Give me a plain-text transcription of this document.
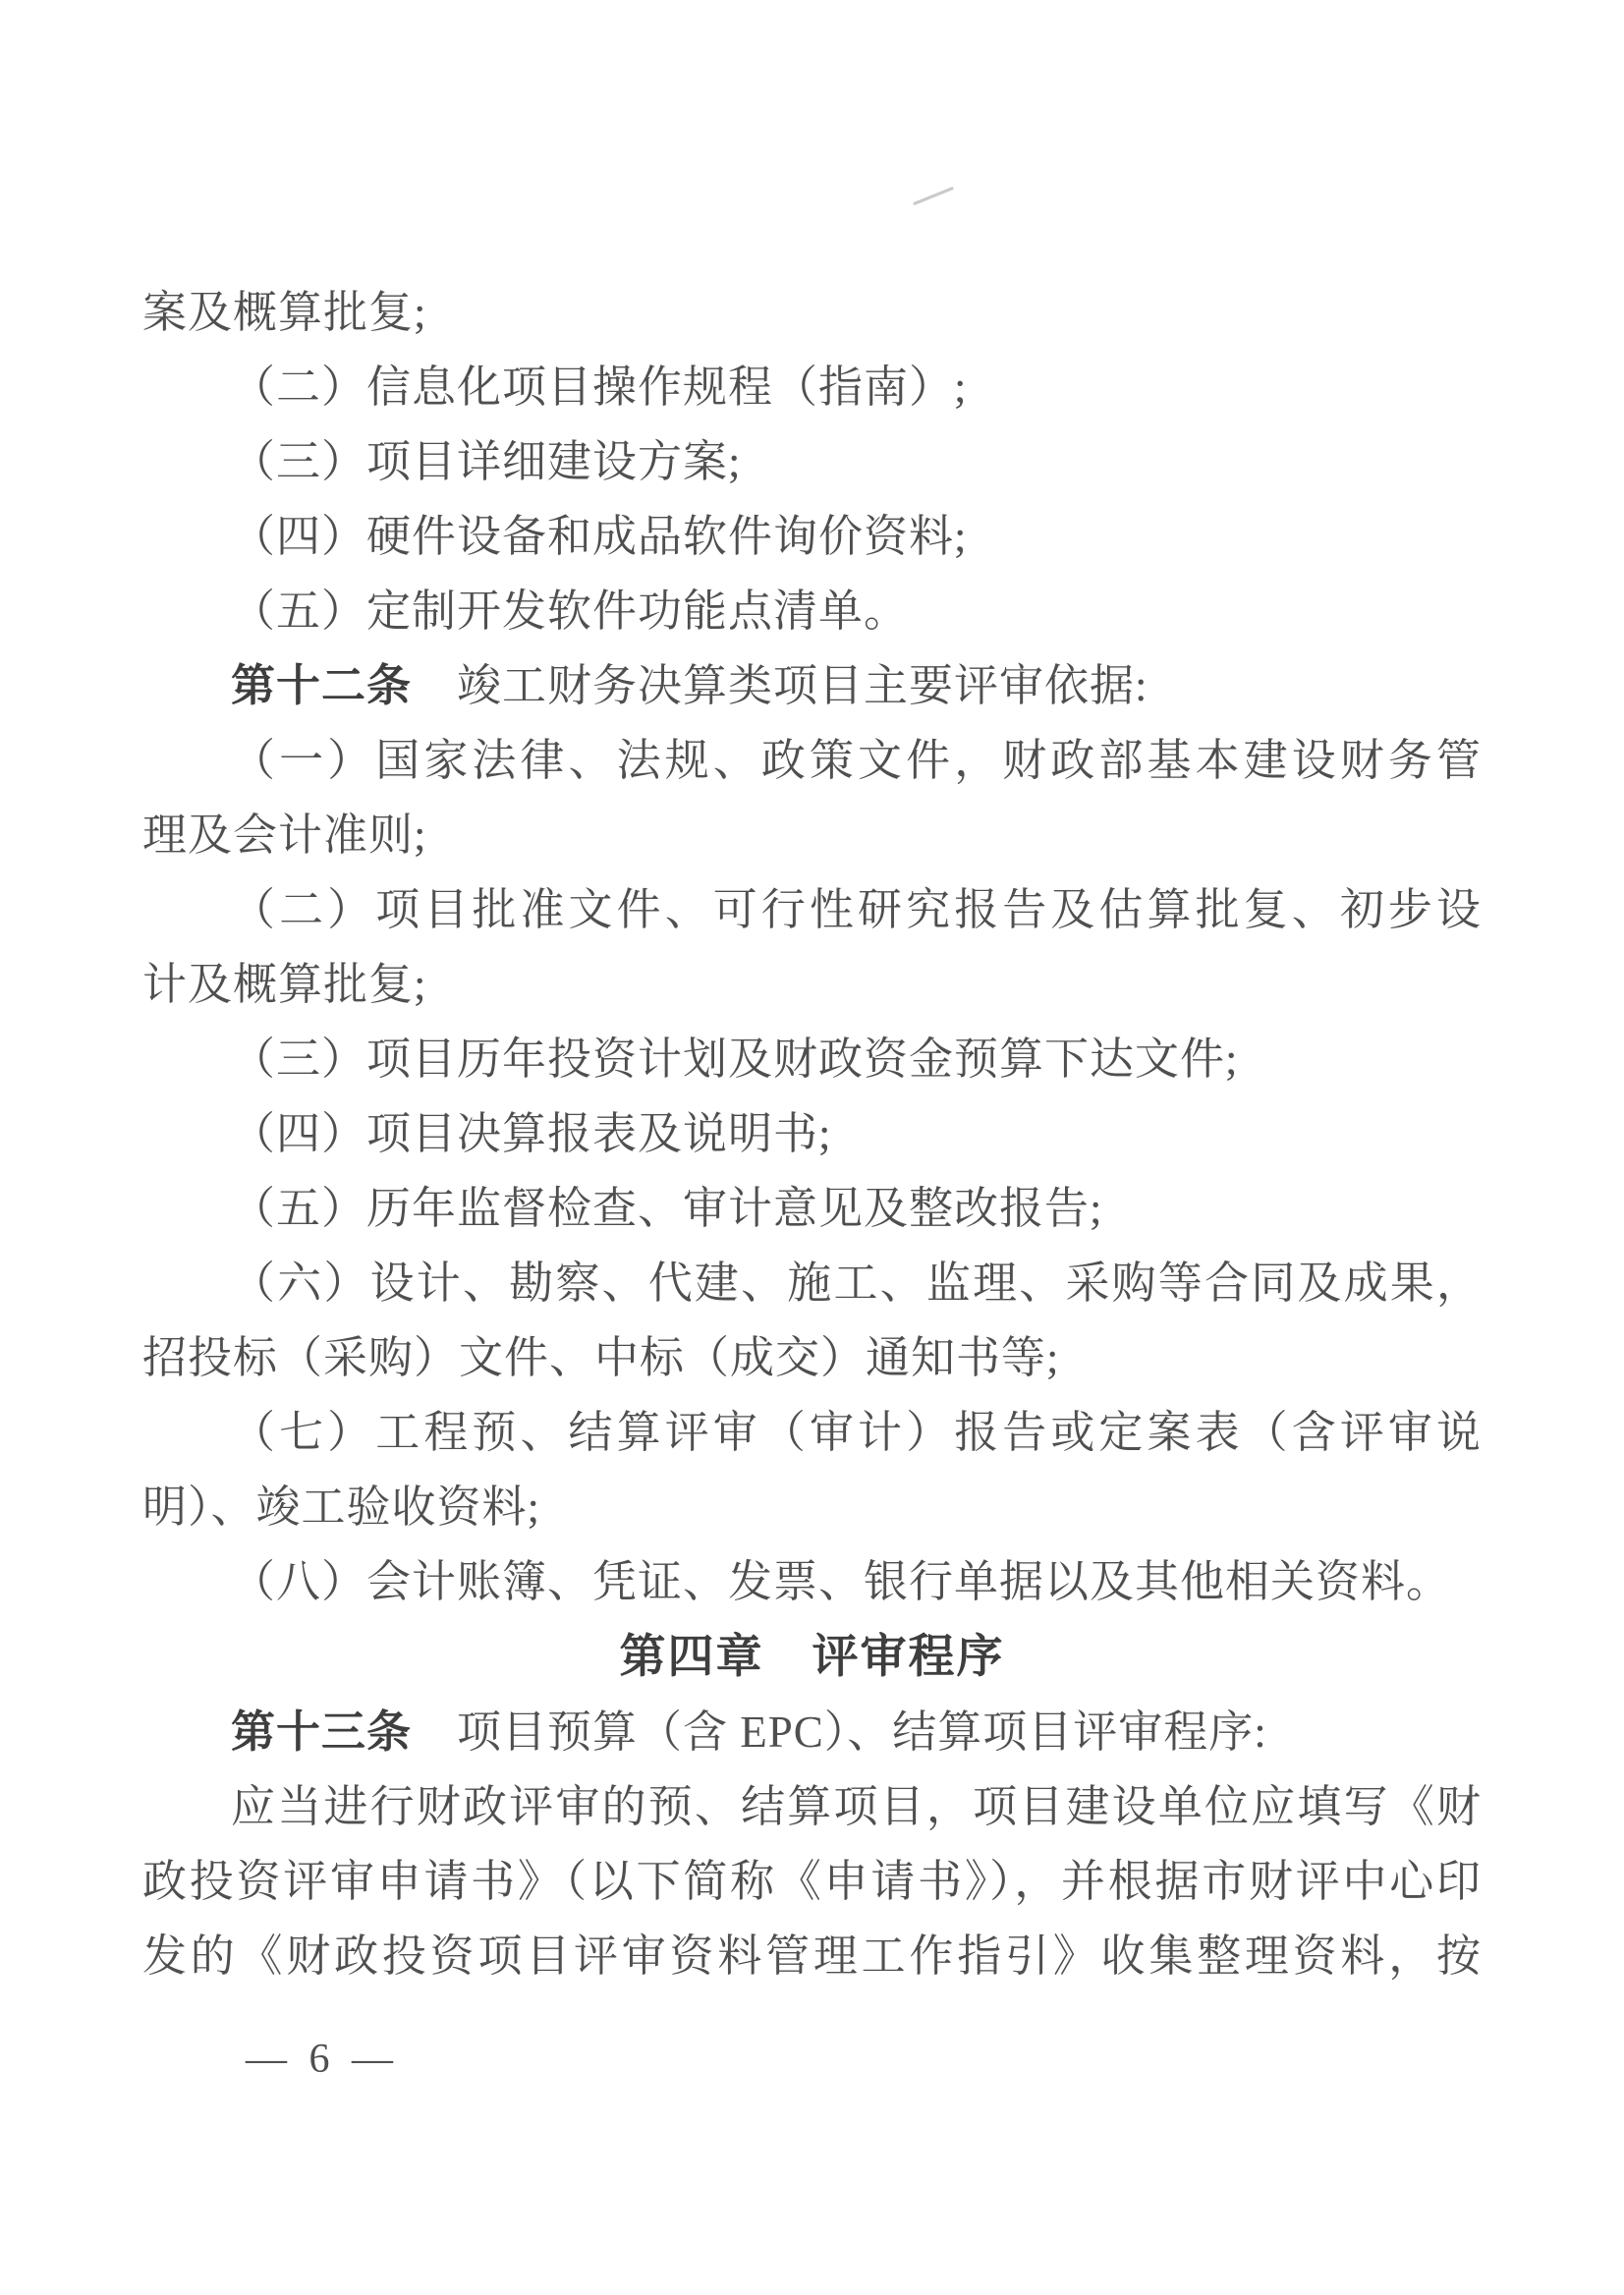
案及概算批复;
（二）信息化项目操作规程（指南）;
（三）项目详细建设方案;
（四）硬件设备和成品软件询价资料;
（五）定制开发软件功能点清单。
第十二条　竣工财务决算类项目主要评审依据:
（一）国家法律、法规、政策文件，财政部基本建设财务管
理及会计准则;
（二）项目批准文件、可行性研究报告及估算批复、初步设
计及概算批复;
（三）项目历年投资计划及财政资金预算下达文件;
（四）项目决算报表及说明书;
（五）历年监督检查、审计意见及整改报告;
（六）设计、勘察、代建、施工、监理、采购等合同及成果，
招投标（采购）文件、中标（成交）通知书等;
（七）工程预、结算评审（审计）报告或定案表（含评审说
明）、竣工验收资料;
（八）会计账簿、凭证、发票、银行单据以及其他相关资料。
第四章　评审程序
第十三条　项目预算（含 EPC）、结算项目评审程序:
应当进行财政评审的预、结算项目，项目建设单位应填写《财
政投资评审申请书》（以下简称《申请书》），并根据市财评中心印
发的《财政投资项目评审资料管理工作指引》收集整理资料，按
— 6 —
